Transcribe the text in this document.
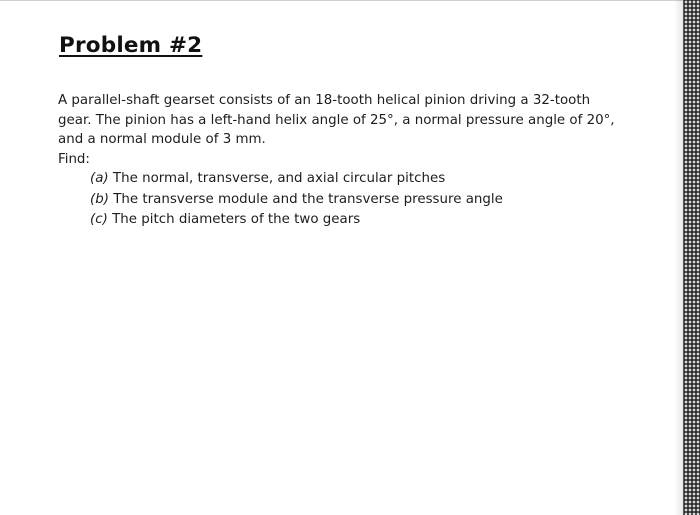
Problem #2

A parallel-shaft gearset consists of an 18-tooth helical pinion driving a 32-tooth

gear. The pinion has a left-hand helix angle of 25°, a normal pressure angle of 20°,

and a normal module of 3 mm.

Find:

(a) The normal, transverse, and axial circular pitches
(b) The transverse module and the transverse pressure angle
(c) The pitch diameters of the two gears
